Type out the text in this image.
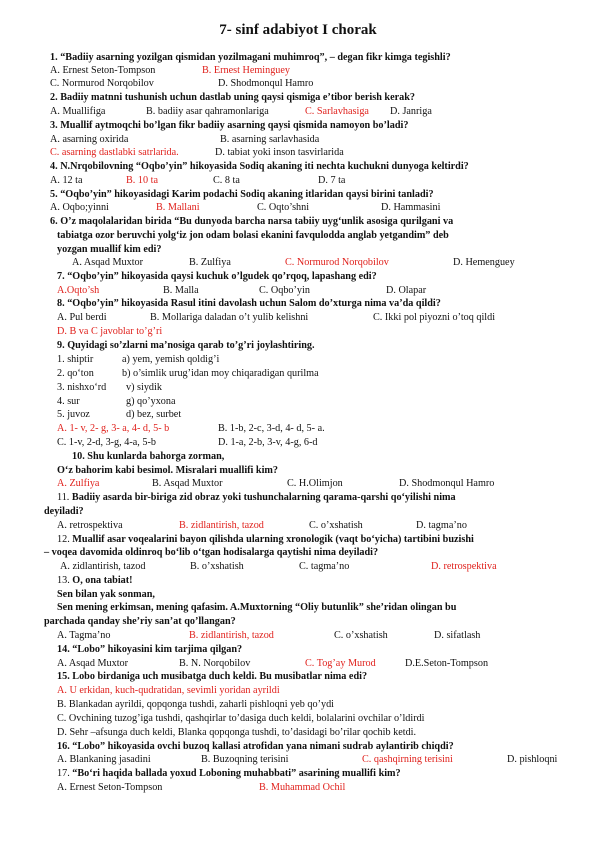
7- sinf adabiyot I chorak
1. “Badiiy asarning yozilgan qismidan yozilmagani muhimroq”, – degan fikr kimga tegishli?
A. Ernest Seton-Tompson	B. Ernest Heminguey
C. Normurod Norqobilov	D. Shodmonqul Hamro
2. Badiiy matnni tushunish uchun dastlab uning qaysi qismiga e’tibor berish kerak?
A. Muallifiga	B. badiiy asar qahramonlariga	C. Sarlavhasiga D. Janriga
3. Muallif aytmoqchi bo’lgan fikr badiiy asarning qaysi qismida namoyon bo’ladi?
A. asarning oxirida	B. asarning sarlavhasida
C. asarning dastlabki satrlarida.	D. tabiat yoki inson tasvirlarida
4. N.Nrqobilovning “Oqbo’yin” hikoyasida Sodiq akaning iti nechta kuchukni dunyoga keltirdi?
A. 12 ta	B. 10 ta	C. 8 ta	D. 7 ta
5. “Oqbo’yin” hikoyasidagi Karim podachi Sodiq akaning itlaridan qaysi birini tanladi?
A. Oqbo;yinni	B. Mallani	C. Oqto’shni	D. Hammasini
6. O’z maqolalaridan birida “Bu dunyoda barcha narsa tabiiy uyg‘unlik asosiga qurilgani va
tabiatga ozor beruvchi yolg‘iz jon odam bolasi ekanini favqulodda anglab yetgandim” deb
yozgan muallif kim edi?
A. Asqad Muxtor	B. Zulfiya	C. Normurod Norqobilov	D. Hemenguey
7. “Oqbo’yin” hikoyasida qaysi kuchuk o’lgudek qo’rqoq, lapashang edi?
A.Oqto’sh	B. Malla	C. Oqbo’yin	D. Olapar
8. “Oqbo’yin” hikoyasida Rasul itini davolash uchun Salom do’xturga nima va’da qildi?
A. Pul berdi	B. Mollariga daladan o’t yulib kelishni	C. Ikki pol piyozni o’toq qildi
D. B va C javoblar to’g’ri
9. Quyidagi so’zlarni ma’nosiga qarab to’g’ri joylashtiring.
1. shiptir	a) yem, yemish qoldig’i
2. qo‘ton	b) o’simlik urug’idan moy chiqaradigan qurilma
3. nishxo‘rd v) siydik
4. sur	g) qo’yxona
5. juvoz	d) bez, surbet
A. 1- v, 2- g, 3- a, 4- d, 5- b	B. 1-b, 2-c, 3-d, 4- d, 5- a.
C. 1-v, 2-d, 3-g, 4-a, 5-b	D. 1-a, 2-b, 3-v, 4-g, 6-d
10. Shu kunlarda bahorga zorman,
O‘z bahorim kabi besimol. Misralari muallifi kim?
A. Zulfiya	B. Asqad Muxtor	C. H.Olimjon	D. Shodmonqul Hamro
11. Badiiy asarda bir-biriga zid obraz yoki tushunchalarning qarama-qarshi qo‘yilishi nima
deyiladi?
A. retrospektiva	B. zidlantirish, tazod	C. o’xshatish	D. tagma’no
12. Muallif asar voqealarini bayon qilishda ularning xronologik (vaqt bo‘yicha) tartibini buzishi
– voqea davomida oldinroq bo‘lib o‘tgan hodisalarga qaytishi nima deyiladi?
A. zidlantirish, tazod	B. o’xshatish	C. tagma’no	D. retrospektiva
13. O, ona tabiat!
Sen bilan yak sonman,
Sen mening erkimsan, mening qafasim. A.Muxtorning “Oliy butunlik” she’ridan olingan bu
parchada qanday she’riy san’at qo’llangan?
A. Tagma’no	B. zidlantirish, tazod	C. o’xshatish	D. sifatlash
14. “Lobo” hikoyasini kim tarjima qilgan?
A. Asqad Muxtor	B. N. Norqobilov	C. Tog’ay Murod	D.E.Seton-Tompson
15. Lobo birdaniga uch musibatga duch keldi. Bu musibatlar nima edi?
A. U erkidan, kuch-qudratidan, sevimli yoridan ayrildi
B. Blankadan ayrildi, qopqonga tushdi, zaharli pishloqni yeb qo’ydi
C. Ovchining tuzog’iga tushdi, qashqirlar to’dasiga duch keldi, bolalarini ovchilar o’ldirdi
D. Sehr –afsunga duch keldi, Blanka qopqonga tushdi, to’dasidagi bo’rilar qochib ketdi.
16. “Lobo” hikoyasida ovchi buzoq kallasi atrofidan yana nimani sudrab aylantirib chiqdi?
A. Blankaning jasadini	B. Buzoqning terisini	C. qashqirning terisini	D. pishloqni
17. “Bo‘ri haqida ballada yoxud Loboning muhabbati” asarining muallifi kim?
A. Ernest Seton-Tompson	B. Muhammad Ochil
